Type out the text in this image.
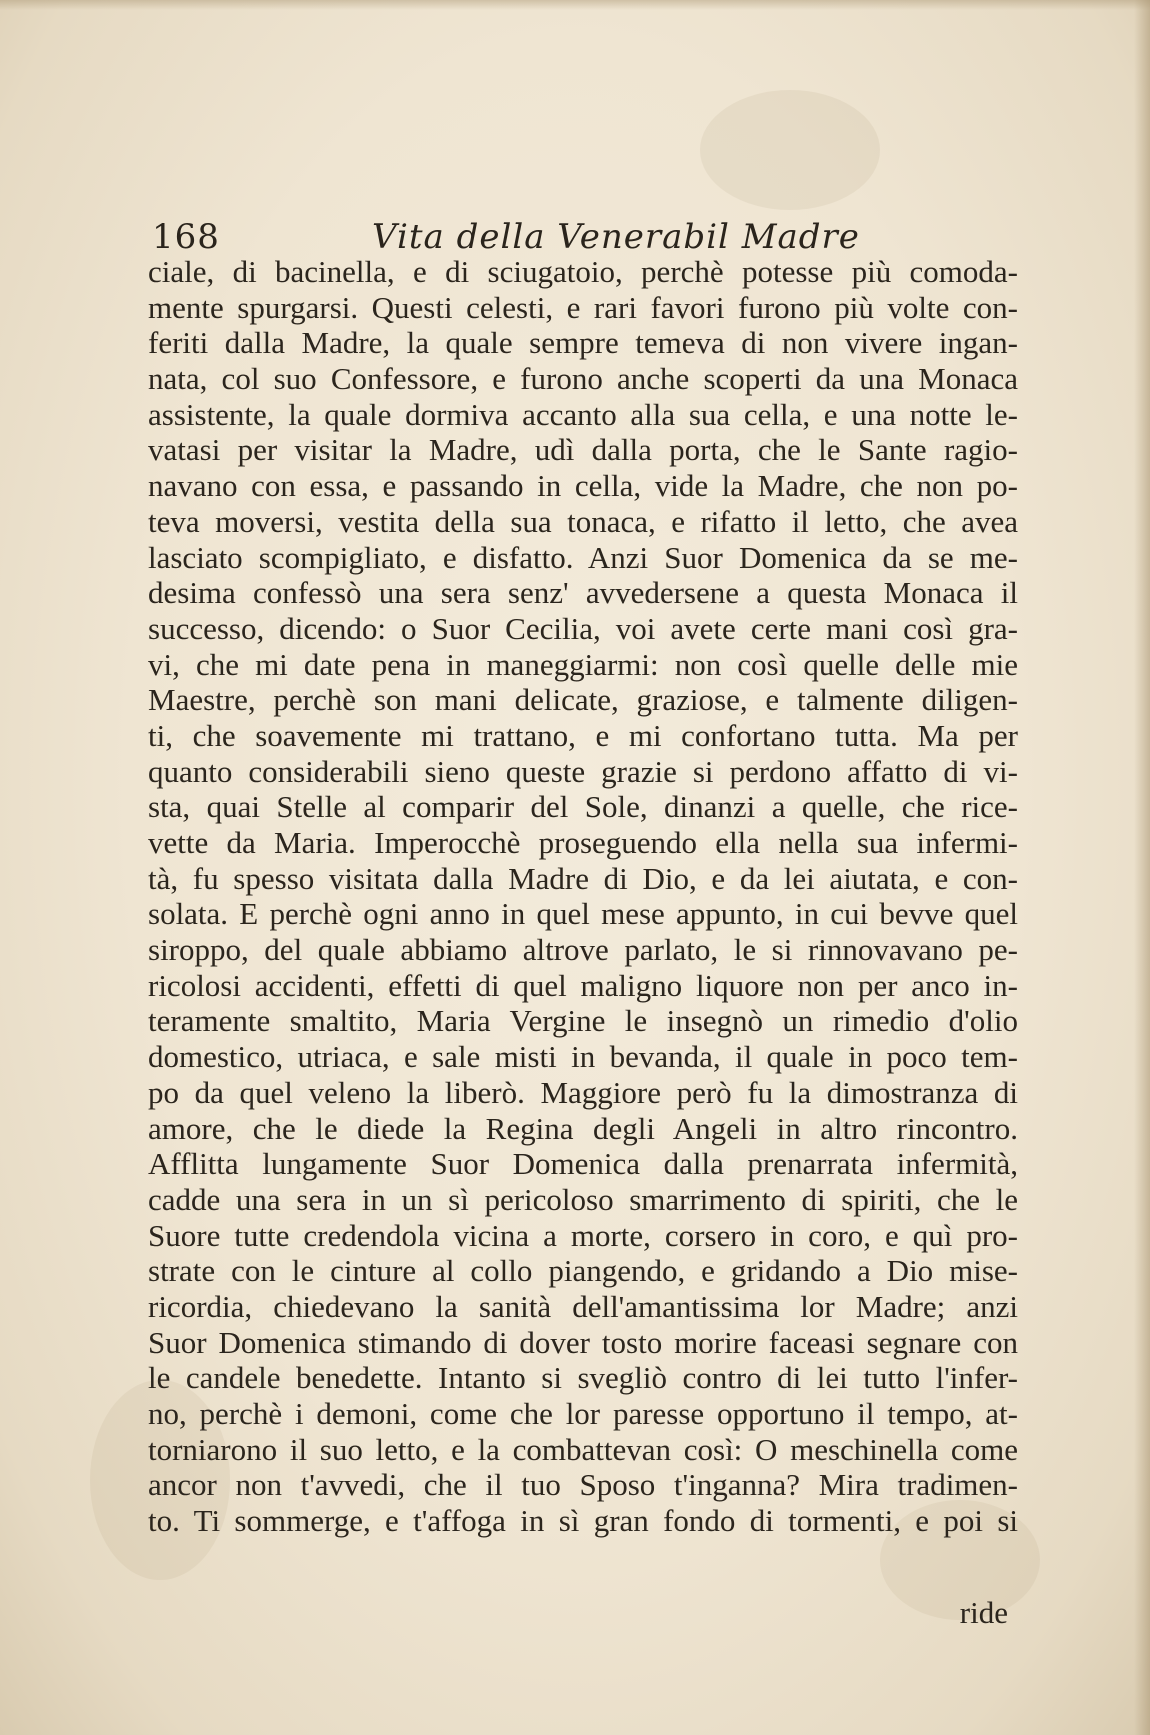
168	Vita della Venerabil Madre
ciale, di bacinella, e di sciugatoio, perchè potesse più comoda-
mente spurgarsi. Questi celesti, e rari favori furono più volte con-
feriti dalla Madre, la quale sempre temeva di non vivere ingan-
nata, col suo Confessore, e furono anche scoperti da una Monaca
assistente, la quale dormiva accanto alla sua cella, e una notte le-
vatasi per visitar la Madre, udì dalla porta, che le Sante ragio-
navano con essa, e passando in cella, vide la Madre, che non po-
teva moversi, vestita della sua tonaca, e rifatto il letto, che avea
lasciato scompigliato, e disfatto. Anzi Suor Domenica da se me-
desima confessò una sera senz' avvedersene a questa Monaca il
successo, dicendo: o Suor Cecilia, voi avete certe mani così gra-
vi, che mi date pena in maneggiarmi: non così quelle delle mie
Maestre, perchè son mani delicate, graziose, e talmente diligen-
ti, che soavemente mi trattano, e mi confortano tutta. Ma per
quanto considerabili sieno queste grazie si perdono affatto di vi-
sta, quai Stelle al comparir del Sole, dinanzi a quelle, che rice-
vette da Maria. Imperocchè proseguendo ella nella sua infermi-
tà, fu spesso visitata dalla Madre di Dio, e da lei aiutata, e con-
solata. E perchè ogni anno in quel mese appunto, in cui bevve quel
siroppo, del quale abbiamo altrove parlato, le si rinnovavano pe-
ricolosi accidenti, effetti di quel maligno liquore non per anco in-
teramente smaltito, Maria Vergine le insegnò un rimedio d'olio
domestico, utriaca, e sale misti in bevanda, il quale in poco tem-
po da quel veleno la liberò. Maggiore però fu la dimostranza di
amore, che le diede la Regina degli Angeli in altro rincontro.
Afflitta lungamente Suor Domenica dalla prenarrata infermità,
cadde una sera in un sì pericoloso smarrimento di spiriti, che le
Suore tutte credendola vicina a morte, corsero in coro, e quì pro-
strate con le cinture al collo piangendo, e gridando a Dio mise-
ricordia, chiedevano la sanità dell'amantissima lor Madre; anzi
Suor Domenica stimando di dover tosto morire faceasi segnare con
le candele benedette. Intanto si svegliò contro di lei tutto l'infer-
no, perchè i demoni, come che lor paresse opportuno il tempo, at-
torniarono il suo letto, e la combattevan così: O meschinella come
ancor non t'avvedi, che il tuo Sposo t'inganna? Mira tradimen-
to. Ti sommerge, e t'affoga in sì gran fondo di tormenti, e poi si
ride
